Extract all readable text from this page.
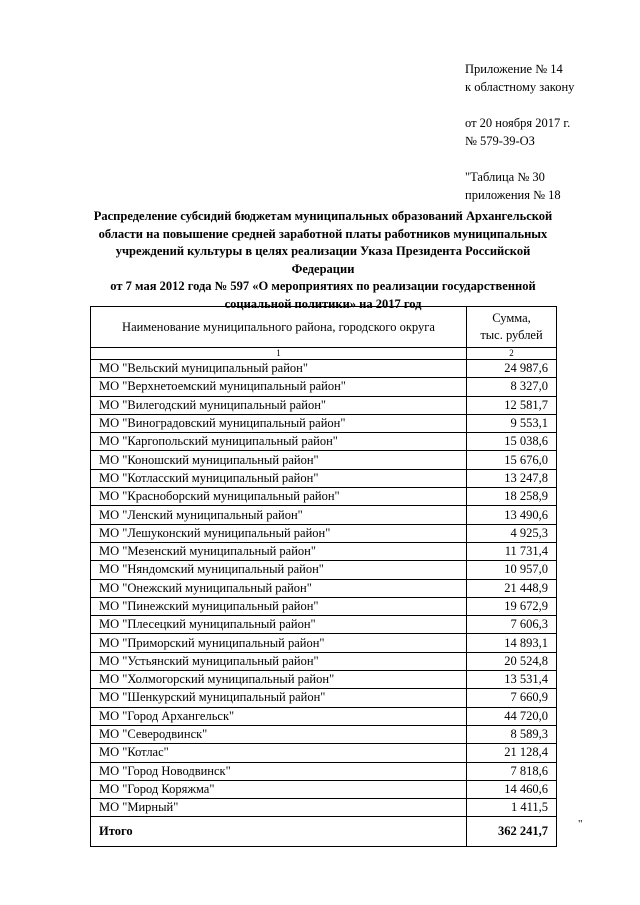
Приложение № 14
к областному закону
от 20 ноября 2017 г.
№ 579-39-ОЗ
"Таблица № 30
приложения № 18
Распределение субсидий бюджетам муниципальных образований Архангельской
области на повышение средней заработной платы работников муниципальных
учреждений культуры в целях реализации Указа Президента Российской Федерации
от 7 мая 2012 года № 597 «О мероприятиях по реализации государственной
социальной политики» на 2017 год
Наименование муниципального района, городского округа	Сумма,
тыс. рублей

1	2
МО "Вельский муниципальный район"	24 987,6
МО "Верхнетоемский муниципальный район"	8 327,0
МО "Вилегодский муниципальный район"	12 581,7
МО "Виноградовский муниципальный район"	9 553,1
МО "Каргопольский муниципальный район"	15 038,6
МО "Коношский муниципальный район"	15 676,0
МО "Котласский муниципальный район"	13 247,8
МО "Красноборский муниципальный район"	18 258,9
МО "Ленский муниципальный район"	13 490,6
МО "Лешуконский муниципальный район"	4 925,3
МО "Мезенский муниципальный район"	11 731,4
МО "Няндомский муниципальный район"	10 957,0
МО "Онежский муниципальный район"	21 448,9
МО "Пинежский муниципальный район"	19 672,9
МО "Плесецкий муниципальный район"	7 606,3
МО "Приморский муниципальный район"	14 893,1
МО "Устьянский муниципальный район"	20 524,8
МО "Холмогорский муниципальный район"	13 531,4
МО "Шенкурский муниципальный район"	7 660,9
МО "Город Архангельск"	44 720,0
МО "Северодвинск"	8 589,3
МО "Котлас"	21 128,4
МО "Город Новодвинск"	7 818,6
МО "Город Коряжма"	14 460,6
МО "Мирный"	1 411,5
Итого	362 241,7
"
